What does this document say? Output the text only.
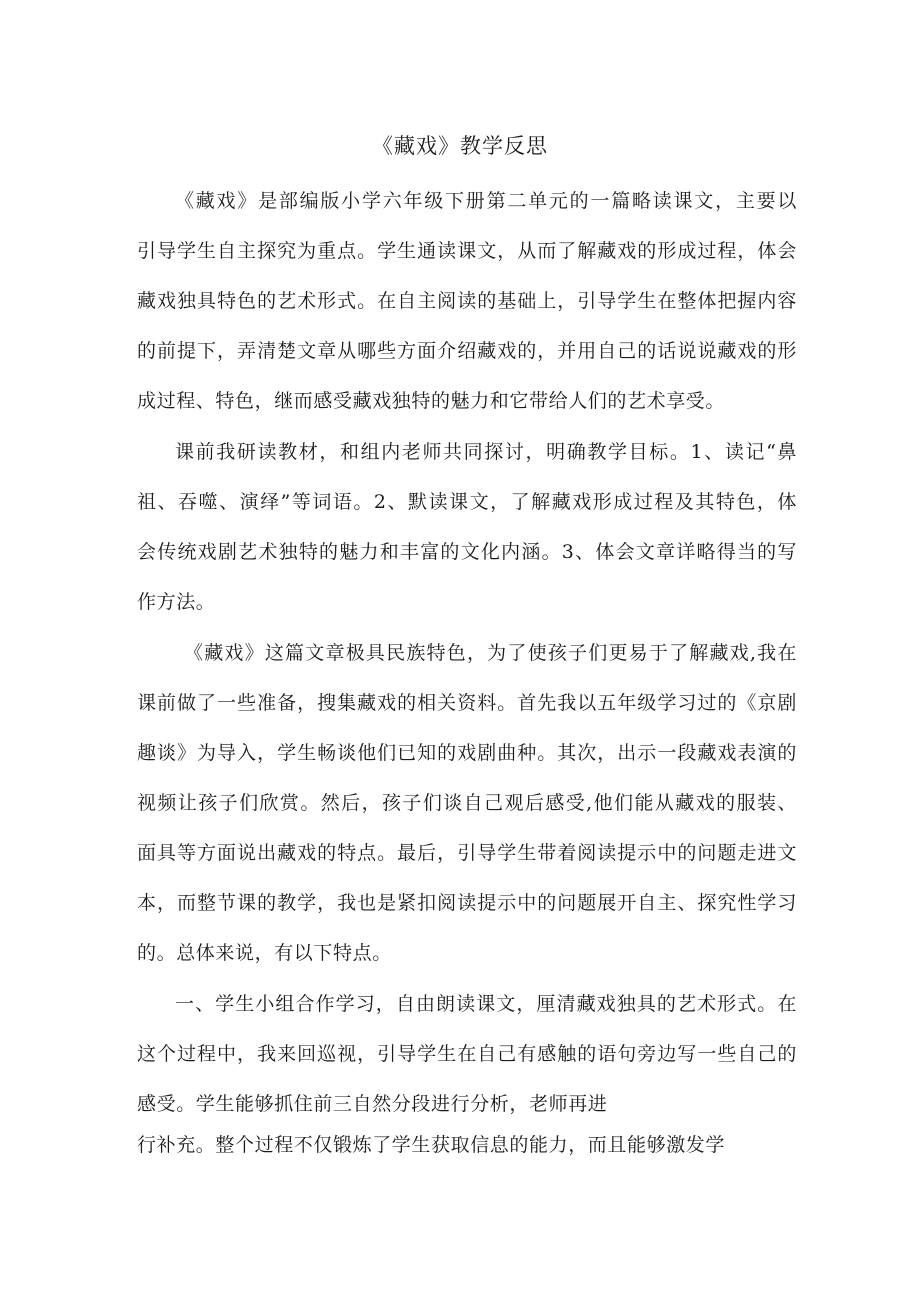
《藏戏》教学反思
《藏戏》是部编版小学六年级下册第二单元的一篇略读课文，主要以
引导学生自主探究为重点。学生通读课文，从而了解藏戏的形成过程，体会
藏戏独具特色的艺术形式。在自主阅读的基础上，引导学生在整体把握内容
的前提下，弄清楚文章从哪些方面介绍藏戏的，并用自己的话说说藏戏的形
成过程、特色，继而感受藏戏独特的魅力和它带给人们的艺术享受。
课前我研读教材，和组内老师共同探讨，明确教学目标。1、读记“鼻
祖、吞噬、演绎”等词语。2、默读课文，了解藏戏形成过程及其特色，体
会传统戏剧艺术独特的魅力和丰富的文化内涵。3、体会文章详略得当的写
作方法。
《藏戏》这篇文章极具民族特色，为了使孩子们更易于了解藏戏,我在
课前做了一些准备，搜集藏戏的相关资料。首先我以五年级学习过的《京剧
趣谈》为导入，学生畅谈他们已知的戏剧曲种。其次，出示一段藏戏表演的
视频让孩子们欣赏。然后，孩子们谈自己观后感受,他们能从藏戏的服装、
面具等方面说出藏戏的特点。最后，引导学生带着阅读提示中的问题走进文
本，而整节课的教学，我也是紧扣阅读提示中的问题展开自主、探究性学习
的。总体来说，有以下特点。
一、学生小组合作学习，自由朗读课文，厘清藏戏独具的艺术形式。在
这个过程中，我来回巡视，引导学生在自己有感触的语句旁边写一些自己的
感受。学生能够抓住前三自然分段进行分析，老师再进
行补充。整个过程不仅锻炼了学生获取信息的能力，而且能够激发学
